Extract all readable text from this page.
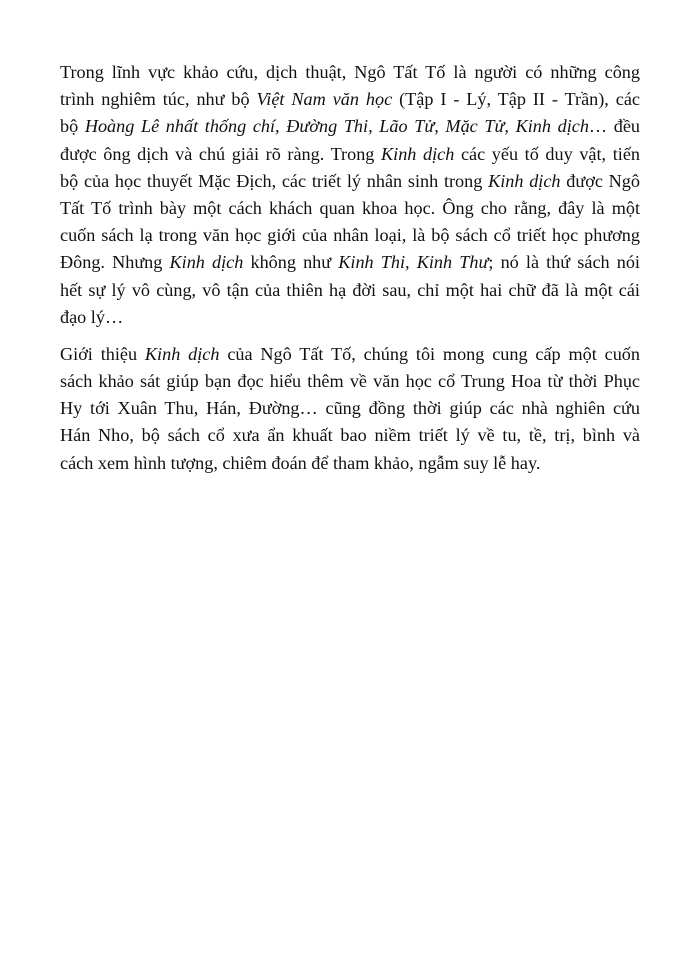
Trong lĩnh vực khảo cứu, dịch thuật, Ngô Tất Tố là người có những công
trình nghiêm túc, như bộ Việt Nam văn học (Tập I - Lý, Tập II - Trần), các
bộ Hoàng Lê nhất thống chí, Đường Thi, Lão Tử, Mặc Tử, Kinh dịch… đều
được ông dịch và chú giải rõ ràng. Trong Kinh dịch các yếu tố duy vật, tiến
bộ của học thuyết Mặc Địch, các triết lý nhân sinh trong Kinh dịch được Ngô
Tất Tố trình bày một cách khách quan khoa học. Ông cho rằng, đây là một
cuốn sách lạ trong văn học giới của nhân loại, là bộ sách cổ triết học phương
Đông. Nhưng Kinh dịch không như Kinh Thi, Kinh Thư; nó là thứ sách nói
hết sự lý vô cùng, vô tận của thiên hạ đời sau, chỉ một hai chữ đã là một cái
đạo lý…
Giới thiệu Kinh dịch của Ngô Tất Tố, chúng tôi mong cung cấp một cuốn
sách khảo sát giúp bạn đọc hiểu thêm về văn học cổ Trung Hoa từ thời Phục
Hy tới Xuân Thu, Hán, Đường… cũng đồng thời giúp các nhà nghiên cứu
Hán Nho, bộ sách cổ xưa ẩn khuất bao niềm triết lý về tu, tề, trị, bình và
cách xem hình tượng, chiêm đoán để tham khảo, ngẫm suy lễ hay.
